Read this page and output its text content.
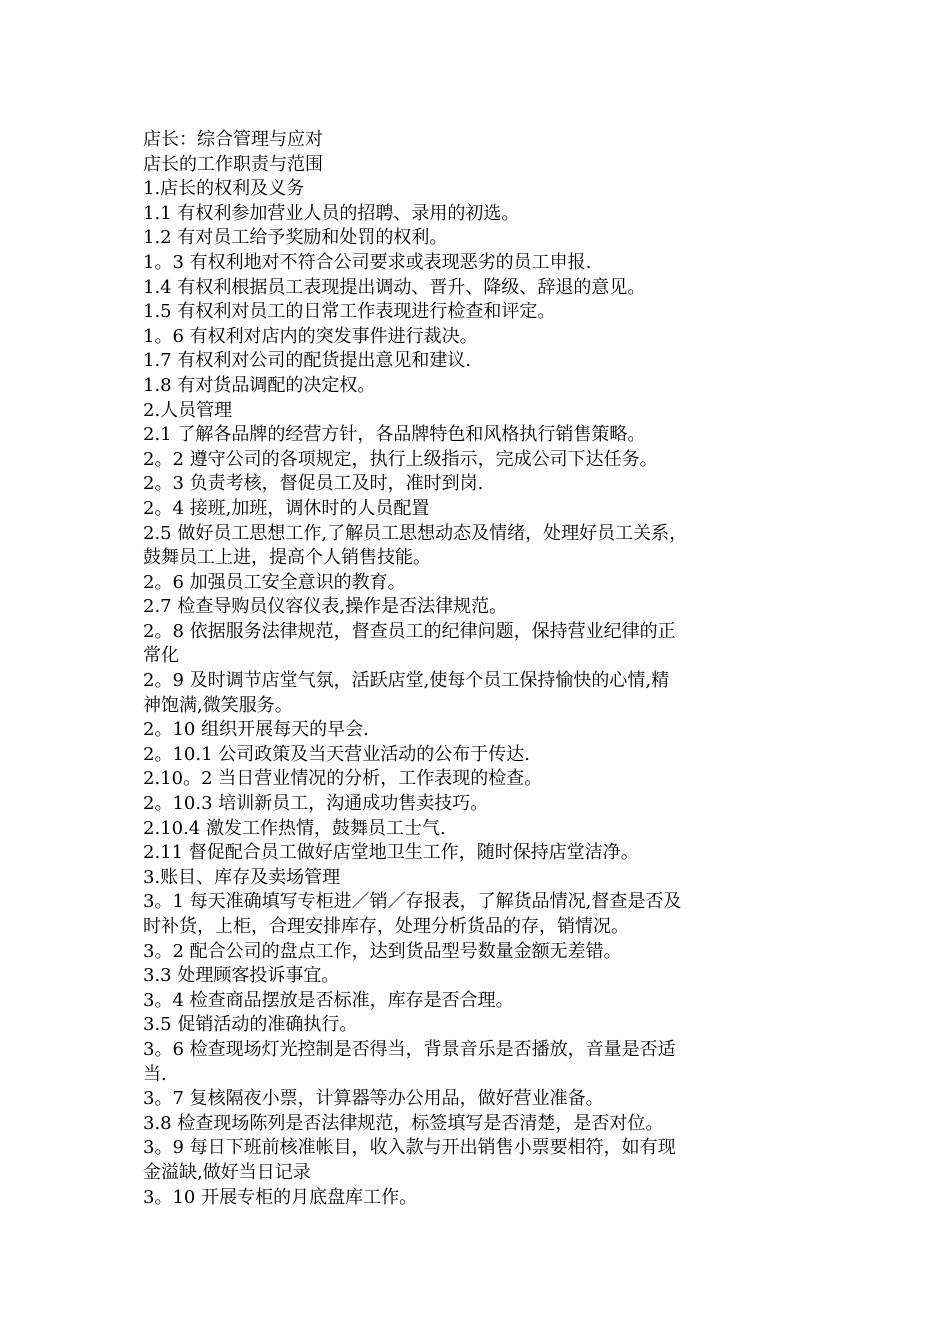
店长：综合管理与应对
店长的工作职责与范围
1.店长的权利及义务
1.1 有权利参加营业人员的招聘、录用的初选。
1.2 有对员工给予奖励和处罚的权利。
1。3 有权利地对不符合公司要求或表现恶劣的员工申报.
1.4 有权利根据员工表现提出调动、晋升、降级、辞退的意见。
1.5 有权利对员工的日常工作表现进行检查和评定。
1。6 有权利对店内的突发事件进行裁决。
1.7 有权利对公司的配货提出意见和建议.
1.8 有对货品调配的决定权。
2.人员管理
2.1 了解各品牌的经营方针，各品牌特色和风格执行销售策略。
2。2 遵守公司的各项规定，执行上级指示，完成公司下达任务。
2。3 负责考核，督促员工及时，准时到岗.
2。4 接班,加班，调休时的人员配置
2.5 做好员工思想工作,了解员工思想动态及情绪，处理好员工关系，
鼓舞员工上进，提高个人销售技能。
2。6 加强员工安全意识的教育。
2.7 检查导购员仪容仪表,操作是否法律规范。
2。8 依据服务法律规范，督查员工的纪律问题，保持营业纪律的正
常化
2。9 及时调节店堂气氛，活跃店堂,使每个员工保持愉快的心情,精
神饱满,微笑服务。
2。10 组织开展每天的早会.
2。10.1 公司政策及当天营业活动的公布于传达.
2.10。2 当日营业情况的分析，工作表现的检查。
2。10.3 培训新员工，沟通成功售卖技巧。
2.10.4 激发工作热情，鼓舞员工士气.
2.11 督促配合员工做好店堂地卫生工作，随时保持店堂洁净。
3.账目、库存及卖场管理
3。1 每天准确填写专柜进／销／存报表，了解货品情况,督查是否及
时补货，上柜，合理安排库存，处理分析货品的存，销情况。
3。2 配合公司的盘点工作，达到货品型号数量金额无差错。
3.3 处理顾客投诉事宜。
3。4 检查商品摆放是否标准，库存是否合理。
3.5 促销活动的准确执行。
3。6 检查现场灯光控制是否得当，背景音乐是否播放，音量是否适
当.
3。7 复核隔夜小票，计算器等办公用品，做好营业准备。
3.8 检查现场陈列是否法律规范，标签填写是否清楚，是否对位。
3。9 每日下班前核准帐目，收入款与开出销售小票要相符，如有现
金溢缺,做好当日记录
3。10 开展专柜的月底盘库工作。
